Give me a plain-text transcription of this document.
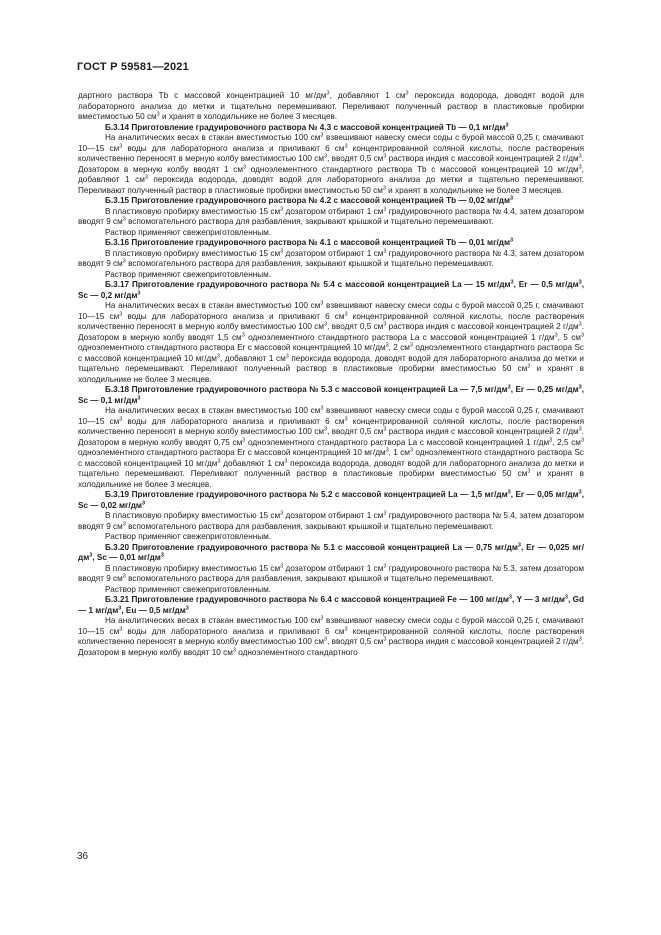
ГОСТ Р 59581—2021

дартного раствора Tb с массовой концентрацией 10 $мг/дм^3$, добавляют 1 $см^3$ пероксида водорода, доводят водой для лабораторного анализа до метки и тщательно перемешивают. Переливают полученный раствор в пластиковые пробирки вместимостью 50 $см^3$ и хранят в холодильнике не более 3 месяцев.

Б.3.14 Приготовление градуировочного раствора № 4.3 с массовой концентрацией Tb — 0,1 $мг/дм^3$

На аналитических весах в стакан вместимостью 100 $см^3$ взвешивают навеску смеси соды с бурой массой 0,25 г, смачивают 10—15 $см^3$ воды для лабораторного анализа и приливают 6 $см^3$ концентрированной соляной кислоты, после растворения количественно переносят в мерную колбу вместимостью 100 $см^3$, вводят 0,5 $см^3$ раствора индия с массовой концентрацией 2 $г/дм^3$. Дозатором в мерную колбу вводят 1 $см^3$ одноэлементного стандартного раствора Tb с массовой концентрацией 10 $мг/дм^3$, добавляют 1 $см^3$ пероксида водорода, доводят водой для лабораторного анализа до метки и тщательно перемешивают. Переливают полученный раствор в пластиковые пробирки вместимостью 50 $см^3$ и хранят в холодильнике не более 3 месяцев.

Б.3.15 Приготовление градуировочного раствора № 4.2 с массовой концентрацией Tb — 0,02 $мг/дм^3$

В пластиковую пробирку вместимостью 15 $см^3$ дозатором отбирают 1 $см^3$ градуировочного раствора № 4.4, затем дозатором вводят 9 $см^3$ вспомогательного раствора для разбавления, закрывают крышкой и тщательно перемешивают.

Раствор применяют свежеприготовленным.

Б.3.16 Приготовление градуировочного раствора № 4.1 с массовой концентрацией Tb — 0,01 $мг/дм^3$

В пластиковую пробирку вместимостью 15 $см^3$ дозатором отбирают 1 $см^3$ градуировочного раствора № 4.3, затем дозатором вводят 9 $см^3$ вспомогательного раствора для разбавления, закрывают крышкой и тщательно перемешивают.

Раствор применяют свежеприготовленным.

Б.3.17 Приготовление градуировочного раствора № 5.4 с массовой концентрацией La — 15 $мг/дм^3$, Er — 0,5 $мг/дм^3$, Sc — 0,2 $мг/дм^3$

На аналитических весах в стакан вместимостью 100 $см^3$ взвешивают навеску смеси соды с бурой массой 0,25 г, смачивают 10—15 $см^3$ воды для лабораторного анализа и приливают 6 $см^3$ концентрированной соляной кислоты, после растворения количественно переносят в мерную колбу вместимостью 100 $см^3$, вводят 0,5 $см^3$ раствора индия с массовой концентрацией 2 $г/дм^3$. Дозатором в мерную колбу вводят 1,5 $см^3$ одноэлементного стандартного раствора La с массовой концентрацией 1 $г/дм^3$, 5 $см^3$ одноэлементного стандартного раствора Er с массовой концентрацией 10 $мг/дм^3$, 2 $см^3$ одноэлементного стандартного раствора Sc с массовой концентрацией 10 $мг/дм^3$, добавляют 1 $см^3$ пероксида водорода, доводят водой для лабораторного анализа до метки и тщательно перемешивают. Переливают полученный раствор в пластиковые пробирки вместимостью 50 $см^3$ и хранят в холодильнике не более 3 месяцев.

Б.3.18 Приготовление градуировочного раствора № 5.3 с массовой концентрацией La — 7,5 $мг/дм^3$, Er — 0,25 $мг/дм^3$, Sc — 0,1 $мг/дм^3$

На аналитических весах в стакан вместимостью 100 $см^3$ взвешивают навеску смеси соды с бурой массой 0,25 г, смачивают 10—15 $см^3$ воды для лабораторного анализа и приливают 6 $см^3$ концентрированной соляной кислоты, после растворения количественно переносят в мерную колбу вместимостью 100 $см^3$, вводят 0,5 $см^3$ раствора индия с массовой концентрацией 2 $г/дм^3$. Дозатором в мерную колбу вводят 0,75 $см^3$ одноэлементного стандартного раствора La с массовой концентрацией 1 $г/дм^3$, 2,5 $см^3$ одноэлементного стандартного раствора Er с массовой концентрацией 10 $мг/дм^3$, 1 $см^3$ одноэлементного стандартного раствора Sc с массовой концентрацией 10 $мг/дм^3$ добавляют 1 $см^3$ пероксида водорода, доводят водой для лабораторного анализа до метки и тщательно перемешивают. Переливают полученный раствор в пластиковые пробирки вместимостью 50 $см^3$ и хранят в холодильнике не более 3 месяцев.

Б.3.19 Приготовление градуировочного раствора № 5.2 с массовой концентрацией La — 1,5 $мг/дм^3$, Er — 0,05 $мг/дм^3$, Sc — 0,02 $мг/дм^3$

В пластиковую пробирку вместимостью 15 $см^3$ дозатором отбирают 1 $см^3$ градуировочного раствора № 5.4, затем дозатором вводят 9 $см^3$ вспомогательного раствора для разбавления, закрывают крышкой и тщательно перемешивают.

Раствор применяют свежеприготовленным.

Б.3.20 Приготовление градуировочного раствора № 5.1 с массовой концентрацией La — 0,75 $мг/дм^3$, Er — 0,025 $мг/дм^3$, Sc — 0,01 $мг/дм^3$

В пластиковую пробирку вместимостью 15 $см^3$ дозатором отбирают 1 $см^3$ градуировочного раствора № 5.3, затем дозатором вводят 9 $см^3$ вспомогательного раствора для разбавления, закрывают крышкой и тщательно перемешивают.

Раствор применяют свежеприготовленным.

Б.3.21 Приготовление градуировочного раствора № 6.4 с массовой концентрацией Fe — 100 $мг/дм^3$, Y — 3 $мг/дм^3$, Gd — 1 $мг/дм^3$, Eu — 0,5 $мг/дм^3$

На аналитических весах в стакан вместимостью 100 $см^3$ взвешивают навеску смеси соды с бурой массой 0,25 г, смачивают 10—15 $см^3$ воды для лабораторного анализа и приливают 6 $см^3$ концентрированной соляной кислоты, после растворения количественно переносят в мерную колбу вместимостью 100 $см^3$, вводят 0,5 $см^3$ раствора индия с массовой концентрацией 2 $г/дм^3$. Дозатором в мерную колбу вводят 10 $см^3$ одноэлементного стандартного

36
